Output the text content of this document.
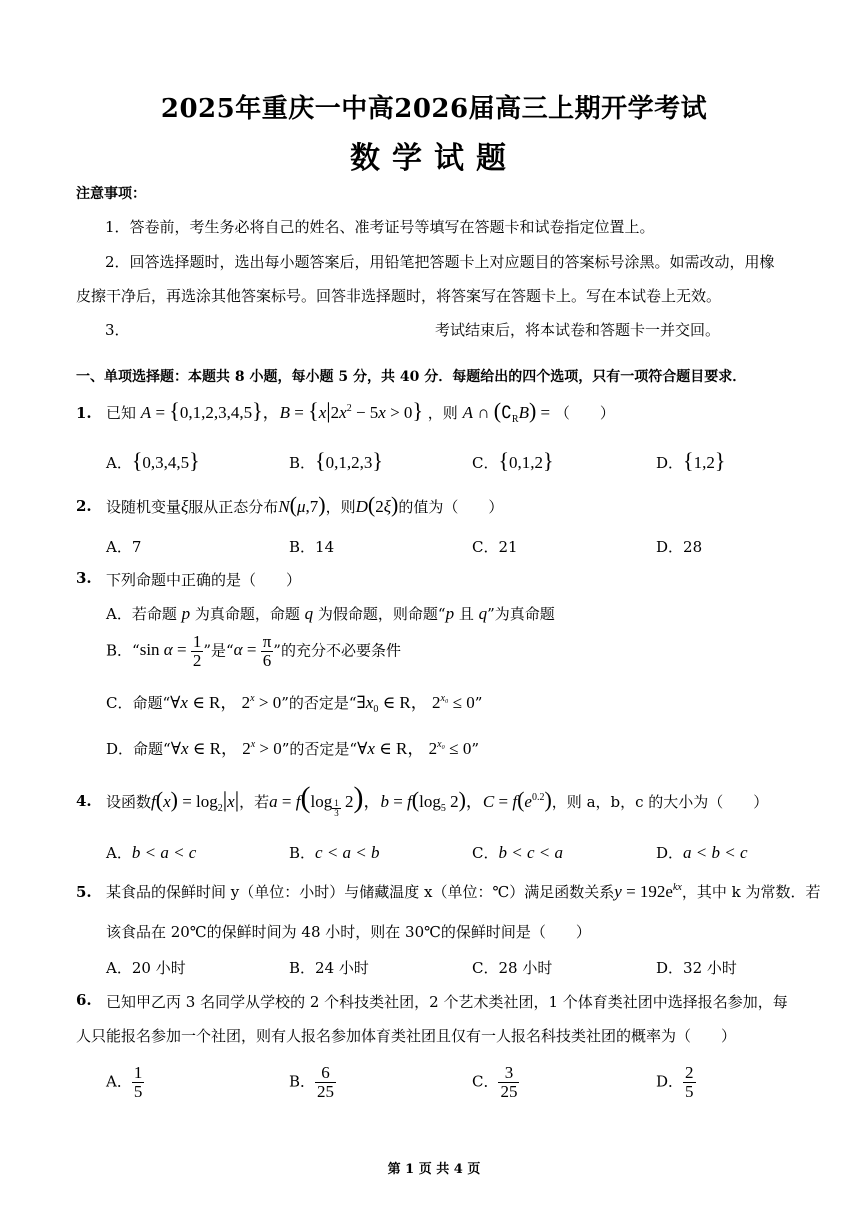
2025年重庆一中高2026届高三上期开学考试
数学试题
注意事项：
1．答卷前，考生务必将自己的姓名、准考证号等填写在答题卡和试卷指定位置上。
2．回答选择题时，选出每小题答案后，用铅笔把答题卡上对应题目的答案标号涂黑。如需改动，用橡
皮擦干净后，再选涂其他答案标号。回答非选择题时，将答案写在答题卡上。写在本试卷上无效。
3．	考试结束后，将本试卷和答题卡一并交回。
一、单项选择题：本题共 8 小题，每小题 5 分，共 40 分．每题给出的四个选项，只有一项符合题目要求．
1. 已知 A = {0,1,2,3,4,5}，$B = \{x|2x^2 - 5x > 0\}$ ，则 A ∩ $(∁_RB)$ = （　　）
A．{0,3,4,5}	B．{0,1,2,3}	C．{0,1,2}	D．{1,2}
2. 设随机变量ξ服从正态分布N(μ,7)，则D(2ξ)的值为（　　）
A．7	B．14	C．21	D．28
3. 下列命题中正确的是（　　）
A．若命题 p 为真命题，命题 q 为假命题，则命题“p 且 q”为真命题
B．“sin $\alpha = \frac{1}{2}$ ”是“$\alpha = \frac{\pi}{6}$ ”的充分不必要条件
C．命题“∀x ∈ R， $2^x > 0$”的否定是“$\exists x_0$ ∈ R， $2^{x_0} \le 0$”
D．命题“∀x ∈ R， $2^x > 0$”的否定是“∀x ∈ R， $2^{x_0} \le 0$”
4. 设函数$f(x) = \log_2|x|$，若a = f(log $_{\frac{1}{3}}$ 2)，$b = f(\log_5$ 2)，$C = f(e^{0.2})$，则 a，b，c 的大小为（　　）
A．b < a < c	B．c < a < b	C．b < c < a	D．a < b < c
5. 某食品的保鲜时间 y（单位：小时）与储藏温度 x（单位：℃）满足函数关系$y = 192e^{kx}$，其中 k 为常数．若
该食品在 20℃的保鲜时间为 48 小时，则在 30℃的保鲜时间是（　　）
A．20 小时	B．24 小时	C．28 小时	D．32 小时
6. 已知甲乙丙 3 名同学从学校的 2 个科技类社团，2 个艺术类社团，1 个体育类社团中选择报名参加，每
人只能报名参加一个社团，则有人报名参加体育类社团且仅有一人报名科技类社团的概率为（　　）
A． $\frac{1}{5}$	B． $\frac{6}{25}$	C． $\frac{3}{25}$	D． $\frac{2}{5}$
第 1 页 共 4 页
